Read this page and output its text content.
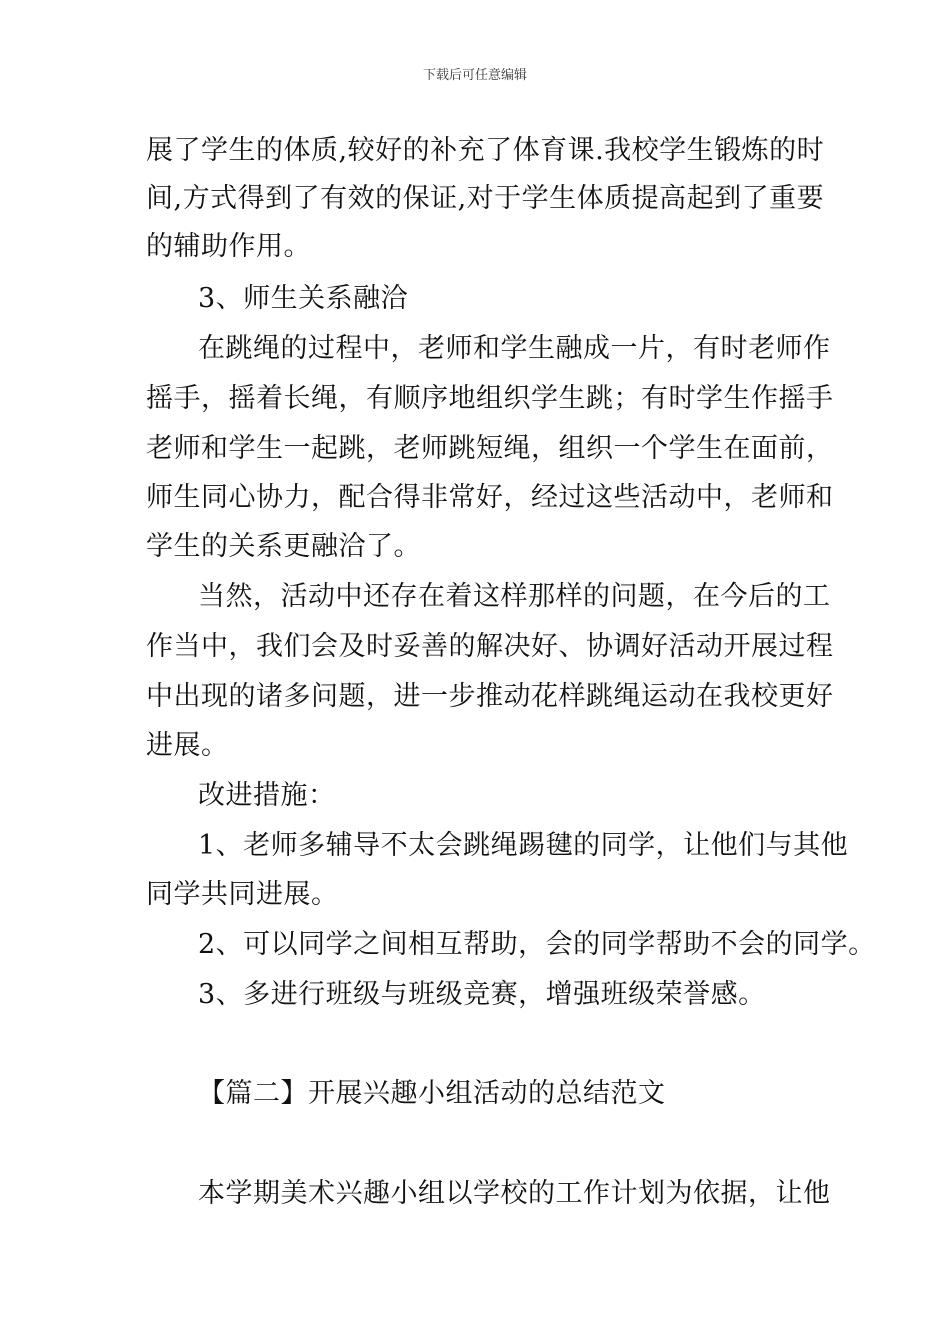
下载后可任意编辑
展了学生的体质,较好的补充了体育课.我校学生锻炼的时
间,方式得到了有效的保证,对于学生体质提高起到了重要
的辅助作用。
3、师生关系融洽
在跳绳的过程中，老师和学生融成一片，有时老师作
摇手，摇着长绳，有顺序地组织学生跳；有时学生作摇手
老师和学生一起跳，老师跳短绳，组织一个学生在面前，
师生同心协力，配合得非常好，经过这些活动中，老师和
学生的关系更融洽了。
当然，活动中还存在着这样那样的问题，在今后的工
作当中，我们会及时妥善的解决好、协调好活动开展过程
中出现的诸多问题，进一步推动花样跳绳运动在我校更好
进展。
改进措施：
1、老师多辅导不太会跳绳踢毽的同学，让他们与其他
同学共同进展。
2、可以同学之间相互帮助，会的同学帮助不会的同学。
3、多进行班级与班级竞赛，增强班级荣誉感。
【篇二】开展兴趣小组活动的总结范文
本学期美术兴趣小组以学校的工作计划为依据，让他
